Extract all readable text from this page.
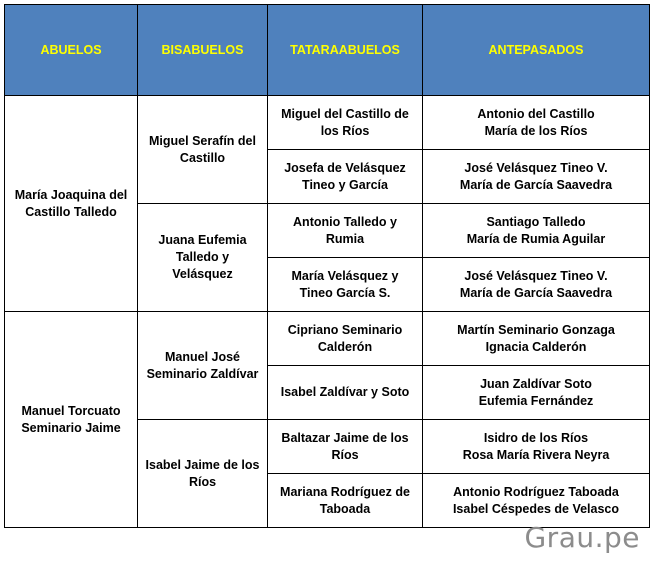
ABUELOS	BISABUELOS	TATARAABUELOS	ANTEPASADOS
María Joaquina del Castillo Talledo	Miguel Serafín del Castillo	Miguel del Castillo de los Ríos	Antonio del Castillo
María de los Ríos

		Josefa de Velásquez Tineo y García	José Velásquez Tineo V.
María de García Saavedra

	Juana Eufemia Talledo y Velásquez	Antonio Talledo y Rumia	Santiago Talledo
María de Rumia Aguilar

		María Velásquez y Tineo García S.	José Velásquez Tineo V.
María de García Saavedra

Manuel Torcuato Seminario Jaime	Manuel José Seminario Zaldívar	Cipriano Seminario Calderón	Martín Seminario Gonzaga
Ignacia Calderón

		Isabel Zaldívar y Soto	Juan Zaldívar Soto
Eufemia Fernández

	Isabel Jaime de los Ríos	Baltazar Jaime de los Ríos	Isidro de los Ríos
Rosa María Rivera Neyra

		Mariana Rodríguez de Taboada	Antonio Rodríguez Taboada
Isabel Céspedes de Velasco
Grau.pe
